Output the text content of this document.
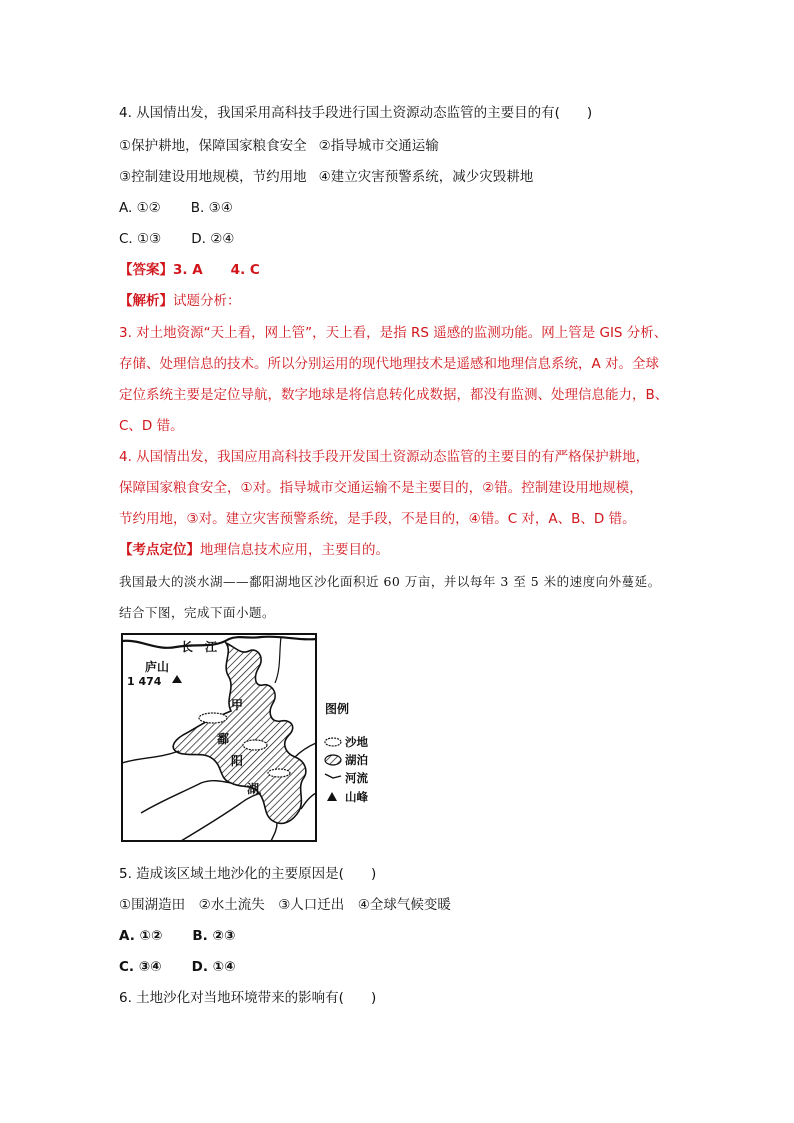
4. 从国情出发，我国采用高科技手段进行国土资源动态监管的主要目的有(　　)
①保护耕地，保障国家粮食安全 ②指导城市交通运输
③控制建设用地规模，节约用地 ④建立灾害预警系统，减少灾毁耕地
A. ①② B. ③④
C. ①③ D. ②④
【答案】3. A 4. C
【解析】试题分析：
3. 对土地资源“天上看，网上管”，天上看，是指 RS 遥感的监测功能。网上管是 GIS 分析、
存储、处理信息的技术。所以分别运用的现代地理技术是遥感和地理信息系统，A 对。全球
定位系统主要是定位导航，数字地球是将信息转化成数据，都没有监测、处理信息能力，B、
C、D 错。
4. 从国情出发，我国应用高科技手段开发国土资源动态监管的主要目的有严格保护耕地，
保障国家粮食安全，①对。指导城市交通运输不是主要目的，②错。控制建设用地规模，
节约用地，③对。建立灾害预警系统，是手段，不是目的，④错。C 对，A、B、D 错。
【考点定位】地理信息技术应用，主要目的。
我国最大的淡水湖——鄱阳湖地区沙化面积近 60 万亩，并以每年 3 至 5 米的速度向外蔓延。
结合下图，完成下面小题。
长　江
庐山
1 474
甲
鄱
阳
湖
图例
沙地
湖泊
河流
山峰
5. 造成该区域土地沙化的主要原因是(　　)
①围湖造田　②水土流失　③人口迁出　④全球气候变暖
A. ①② B. ②③
C. ③④ D. ①④
6. 土地沙化对当地环境带来的影响有(　　)
